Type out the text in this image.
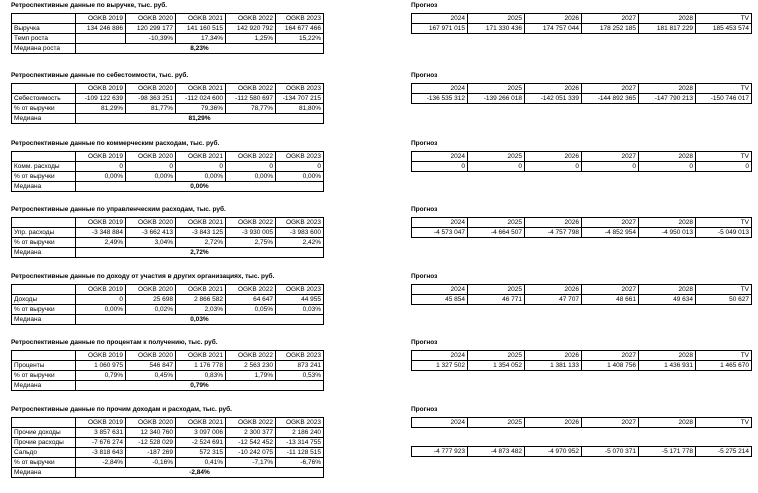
Ретроспективные данные по выручке, тыс. руб.	Прогноз
	OGKB 2019	OGKB 2020	OGKB 2021	OGKB 2022	OGKB 2023
Выручка	134 246 886	120 299 177	141 160 515	142 920 792	164 677 466
Темп роста		-10,39%	17,34%	1,25%	15,22%
Медиана роста	8,23%				
2024	2025	2026	2027	2028	TV
167 971 015	171 330 436	174 757 044	178 252 185	181 817 229	185 453 574
Ретроспективные данные по себестоимости, тыс. руб.	Прогноз
	OGKB 2019	OGKB 2020	OGKB 2021	OGKB 2022	OGKB 2023
Себестоимость	-109 122 639	-98 363 251	-112 024 600	-112 580 697	-134 707 215
% от выручки	81,29%	81,77%	79,36%	78,77%	81,80%
Медиана	81,29%				
2024	2025	2026	2027	2028	TV
-136 535 312	-139 266 018	-142 051 339	-144 892 365	-147 790 213	-150 746 017
Ретроспективные данные по коммерческим расходам, тыс. руб.	Прогноз
	OGKB 2019	OGKB 2020	OGKB 2021	OGKB 2022	OGKB 2023
Комм. расходы	0	0	0	0	0
% от выручки	0,00%	0,00%	0,00%	0,00%	0,00%
Медиана	0,00%				
2024	2025	2026	2027	2028	TV
0	0	0	0	0	0
Ретроспективные данные по управленческим расходам, тыс. руб.	Прогноз
	OGKB 2019	OGKB 2020	OGKB 2021	OGKB 2022	OGKB 2023
Упр. расходы	-3 348 884	-3 662 413	-3 843 125	-3 930 005	-3 983 600
% от выручки	2,49%	3,04%	2,72%	2,75%	2,42%
Медиана	2,72%				
2024	2025	2026	2027	2028	TV
-4 573 047	-4 664 507	-4 757 798	-4 852 954	-4 950 013	-5 049 013
Ретроспективные данные по доходу от участия в других организациях, тыс. руб.	Прогноз
	OGKB 2019	OGKB 2020	OGKB 2021	OGKB 2022	OGKB 2023
Доходы	0	25 698	2 866 582	64 647	44 955
% от выручки	0,00%	0,02%	2,03%	0,05%	0,03%
Медиана	0,03%				
2024	2025	2026	2027	2028	TV
45 854	46 771	47 707	48 661	49 634	50 627
Ретроспективные данные по процентам к получению, тыс. руб.	Прогноз
	OGKB 2019	OGKB 2020	OGKB 2021	OGKB 2022	OGKB 2023
Проценты	1 060 975	546 847	1 176 778	2 563 230	873 241
% от выручки	0,79%	0,45%	0,83%	1,79%	0,53%
Медиана	0,79%				
2024	2025	2026	2027	2028	TV
1 327 502	1 354 052	1 381 133	1 408 756	1 436 931	1 465 670
Ретроспективные данные по прочим доходам и расходам, тыс. руб.	Прогноз
	OGKB 2019	OGKB 2020	OGKB 2021	OGKB 2022	OGKB 2023
Прочие доходы	3 857 631	12 340 760	3 097 006	2 300 377	2 186 240
Прочие расходы	-7 676 274	-12 528 029	-2 524 691	-12 542 452	-13 314 755
Сальдо	-3 818 643	-187 269	572 315	-10 242 075	-11 128 515
% от выручки	-2,84%	-0,16%	0,41%	-7,17%	-6,76%
Медиана	-2,84%				
2024	2025	2026	2027	2028	TV

-4 777 923	-4 873 482	-4 970 952	-5 070 371	-5 171 778	-5 275 214
